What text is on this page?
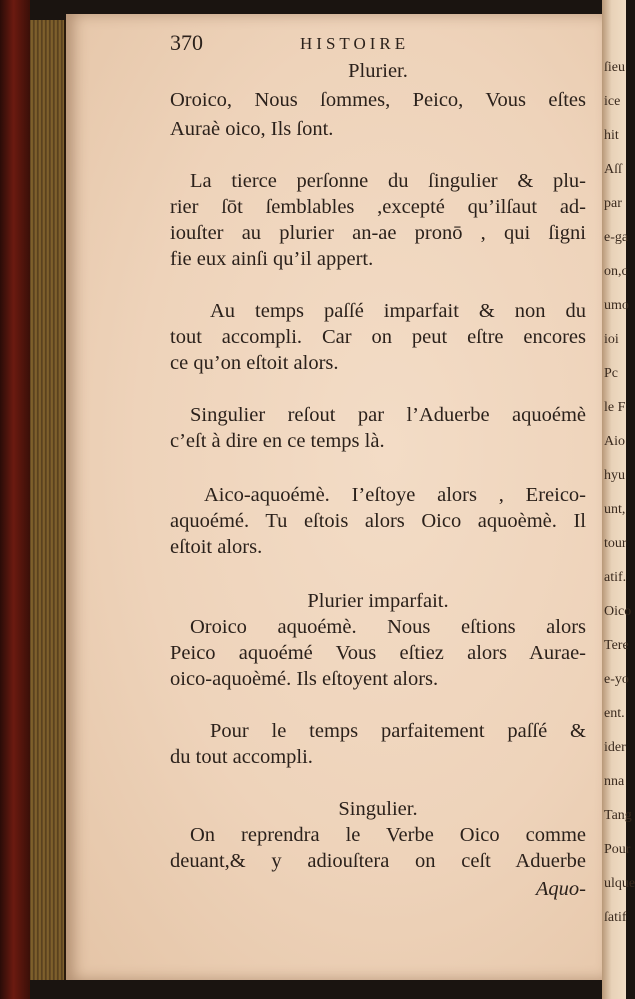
ſieu
ice
hit
Aſſ
par
e-ga
on,c
umo
ioi
Pc
le F
Aio
hyu
unt,
tour
atif.
Oico
Tere
e-yo
ent.
ider
nna
Tang
Pour
ulque
ſatif
370	HISTOIRE
Plurier.
Oroico, Nous ſommes, Peico, Vous eſtes
Auraè oico, Ils ſont.
La tierce perſonne du ſingulier & plu-
rier ſōt ſemblables ,excepté qu’ilſaut ad-
iouſter au plurier an-ae pronō , qui ſigni
fie eux ainſi qu’il appert.
Au temps paſſé imparfait & non du
tout accompli. Car on peut eſtre encores
ce qu’on eſtoit alors.
Singulier reſout par l’Aduerbe aquoémè
c’eſt à dire en ce temps là.
Aico-aquoémè. I’eſtoye alors , Ereico-
aquoémé. Tu eſtois alors Oico aquoèmè. Il
eſtoit alors.
Plurier imparfait.
Oroico aquoémè. Nous eſtions alors
Peico aquoémé Vous eſtiez alors Aurae-
oico-aquoèmé. Ils eſtoyent alors.
Pour le temps parfaitement paſſé &
du tout accompli.
Singulier.
On reprendra le Verbe Oico comme
deuant,& y adiouſtera on ceſt Aduerbe
Aquo-
